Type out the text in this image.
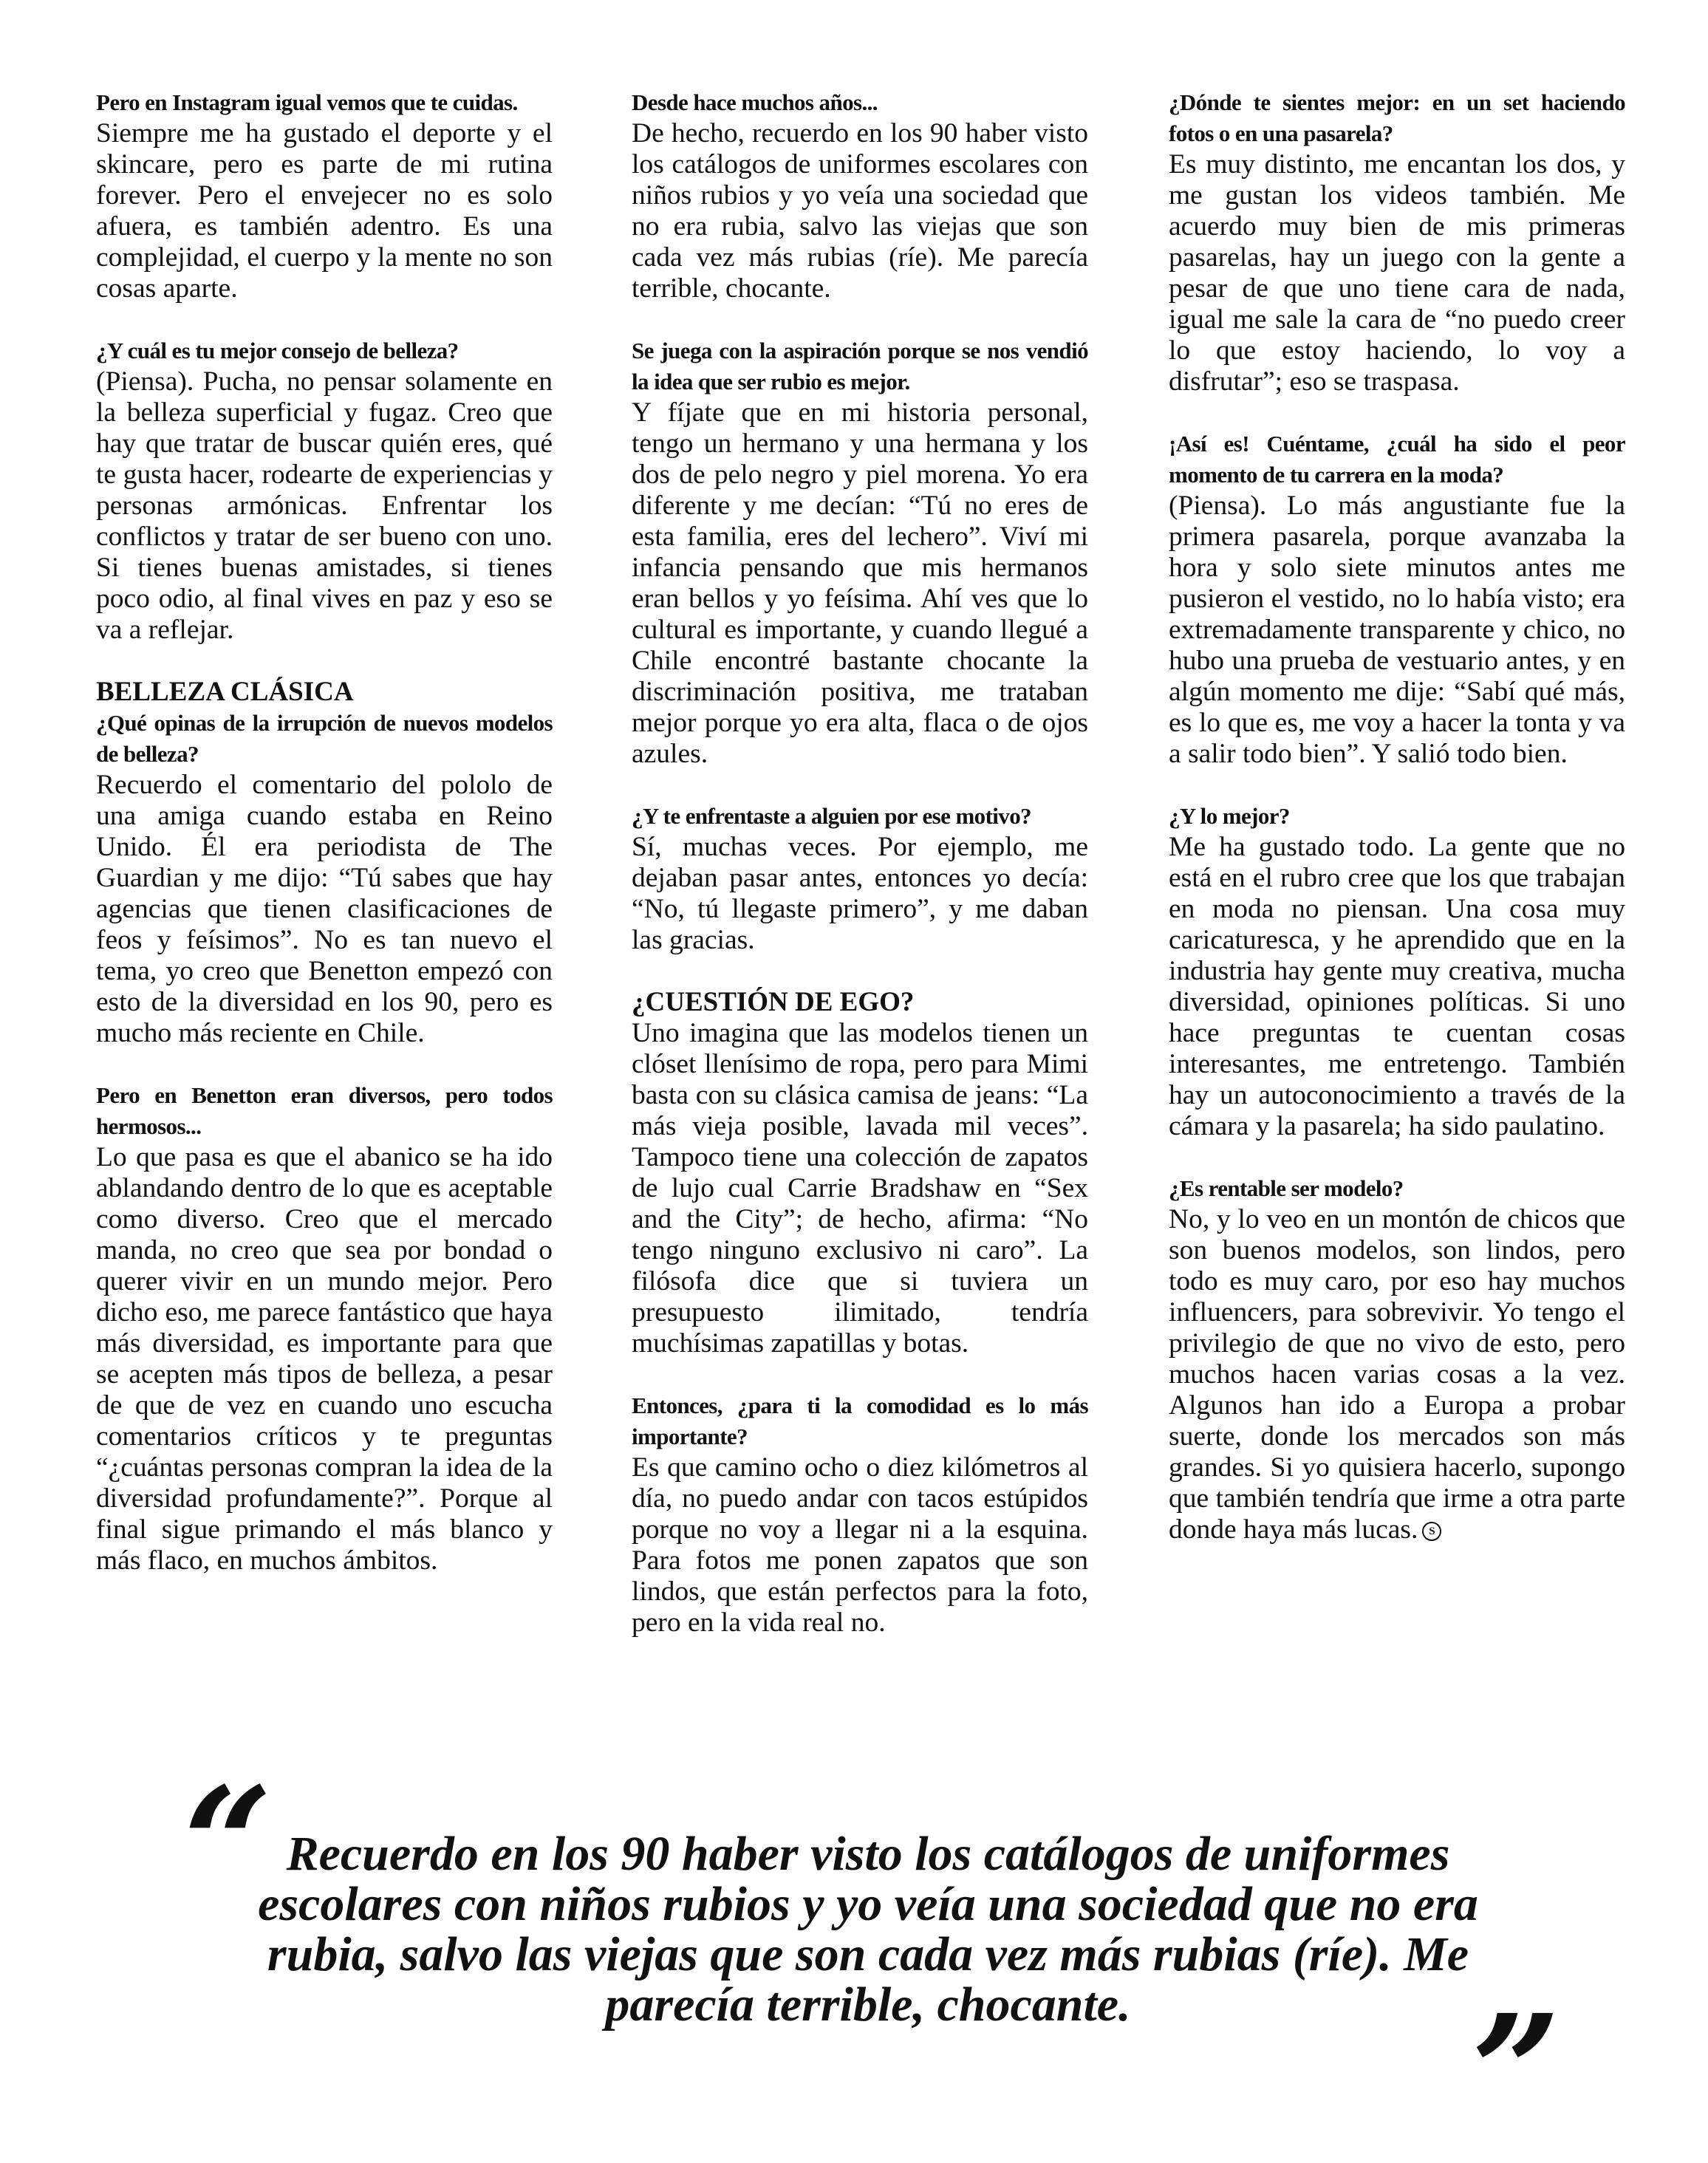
Pero en Instagram igual vemos que te cuidas.
Siempre me ha gustado el deporte y el skincare, pero es parte de mi rutina forever. Pero el envejecer no es solo afuera, es también adentro. Es una complejidad, el cuerpo y la mente no son cosas aparte.
¿Y cuál es tu mejor consejo de belleza?
(Piensa). Pucha, no pensar solamente en la belleza superficial y fugaz. Creo que hay que tratar de buscar quién eres, qué te gusta hacer, rodearte de experiencias y personas armónicas. Enfrentar los conflictos y tratar de ser bueno con uno. Si tienes buenas amistades, si tienes poco odio, al final vives en paz y eso se va a reflejar.
BELLEZA CLÁSICA
¿Qué opinas de la irrupción de nuevos modelos de belleza?
Recuerdo el comentario del pololo de una amiga cuando estaba en Reino Unido. Él era periodista de The Guardian y me dijo: “Tú sabes que hay agencias que tienen clasificaciones de feos y feísimos”. No es tan nuevo el tema, yo creo que Benetton empezó con esto de la diversidad en los 90, pero es mucho más reciente en Chile.
Pero en Benetton eran diversos, pero todos hermosos...
Lo que pasa es que el abanico se ha ido ablandando dentro de lo que es aceptable como diverso. Creo que el mercado manda, no creo que sea por bondad o querer vivir en un mundo mejor. Pero dicho eso, me parece fantástico que haya más diversidad, es importante para que se acepten más tipos de belleza, a pesar de que de vez en cuando uno escucha comentarios críticos y te preguntas “¿cuántas personas compran la idea de la diversidad profundamente?”. Porque al final sigue primando el más blanco y más flaco, en muchos ámbitos.
Desde hace muchos años...
De hecho, recuerdo en los 90 haber visto los catálogos de uniformes escolares con niños rubios y yo veía una sociedad que no era rubia, salvo las viejas que son cada vez más rubias (ríe). Me parecía terrible, chocante.
Se juega con la aspiración porque se nos vendió la idea que ser rubio es mejor.
Y fíjate que en mi historia personal, tengo un hermano y una hermana y los dos de pelo negro y piel morena. Yo era diferente y me decían: “Tú no eres de esta familia, eres del lechero”. Viví mi infancia pensando que mis hermanos eran bellos y yo feísima. Ahí ves que lo cultural es importante, y cuando llegué a Chile encontré bastante chocante la discriminación positiva, me trataban mejor porque yo era alta, flaca o de ojos azules.
¿Y te enfrentaste a alguien por ese motivo?
Sí, muchas veces. Por ejemplo, me dejaban pasar antes, entonces yo decía: “No, tú llegaste primero”, y me daban las gracias.
¿CUESTIÓN DE EGO?
Uno imagina que las modelos tienen un clóset llenísimo de ropa, pero para Mimi basta con su clásica camisa de jeans: “La más vieja posible, lavada mil veces”. Tampoco tiene una colección de zapatos de lujo cual Carrie Bradshaw en “Sex and the City”; de hecho, afirma: “No tengo ninguno exclusivo ni caro”. La filósofa dice que si tuviera un presupuesto ilimitado, tendría muchísimas zapatillas y botas.
Entonces, ¿para ti la comodidad es lo más importante?
Es que camino ocho o diez kilómetros al día, no puedo andar con tacos estúpidos porque no voy a llegar ni a la esquina. Para fotos me ponen zapatos que son lindos, que están perfectos para la foto, pero en la vida real no.
¿Dónde te sientes mejor: en un set haciendo fotos o en una pasarela?
Es muy distinto, me encantan los dos, y me gustan los videos también. Me acuerdo muy bien de mis primeras pasarelas, hay un juego con la gente a pesar de que uno tiene cara de nada, igual me sale la cara de “no puedo creer lo que estoy haciendo, lo voy a disfrutar”; eso se traspasa.
¡Así es! Cuéntame, ¿cuál ha sido el peor momento de tu carrera en la moda?
(Piensa). Lo más angustiante fue la primera pasarela, porque avanzaba la hora y solo siete minutos antes me pusieron el vestido, no lo había visto; era extremadamente transparente y chico, no hubo una prueba de vestuario antes, y en algún momento me dije: “Sabí qué más, es lo que es, me voy a hacer la tonta y va a salir todo bien”. Y salió todo bien.
¿Y lo mejor?
Me ha gustado todo. La gente que no está en el rubro cree que los que trabajan en moda no piensan. Una cosa muy caricaturesca, y he aprendido que en la industria hay gente muy creativa, mucha diversidad, opiniones políticas. Si uno hace preguntas te cuentan cosas interesantes, me entretengo. También hay un autoconocimiento a través de la cámara y la pasarela; ha sido paulatino.
¿Es rentable ser modelo?
No, y lo veo en un montón de chicos que son buenos modelos, son lindos, pero todo es muy caro, por eso hay muchos influencers, para sobrevivir. Yo tengo el privilegio de que no vivo de esto, pero muchos hacen varias cosas a la vez. Algunos han ido a Europa a probar suerte, donde los mercados son más grandes. Si yo quisiera hacerlo, supongo que también tendría que irme a otra parte donde haya más lucas. S
“ Recuerdo en los 90 haber visto los catálogos de uniformes escolares con niños rubios y yo veía una sociedad que no era rubia, salvo las viejas que son cada vez más rubias (ríe). Me parecía terrible, chocante.	”
